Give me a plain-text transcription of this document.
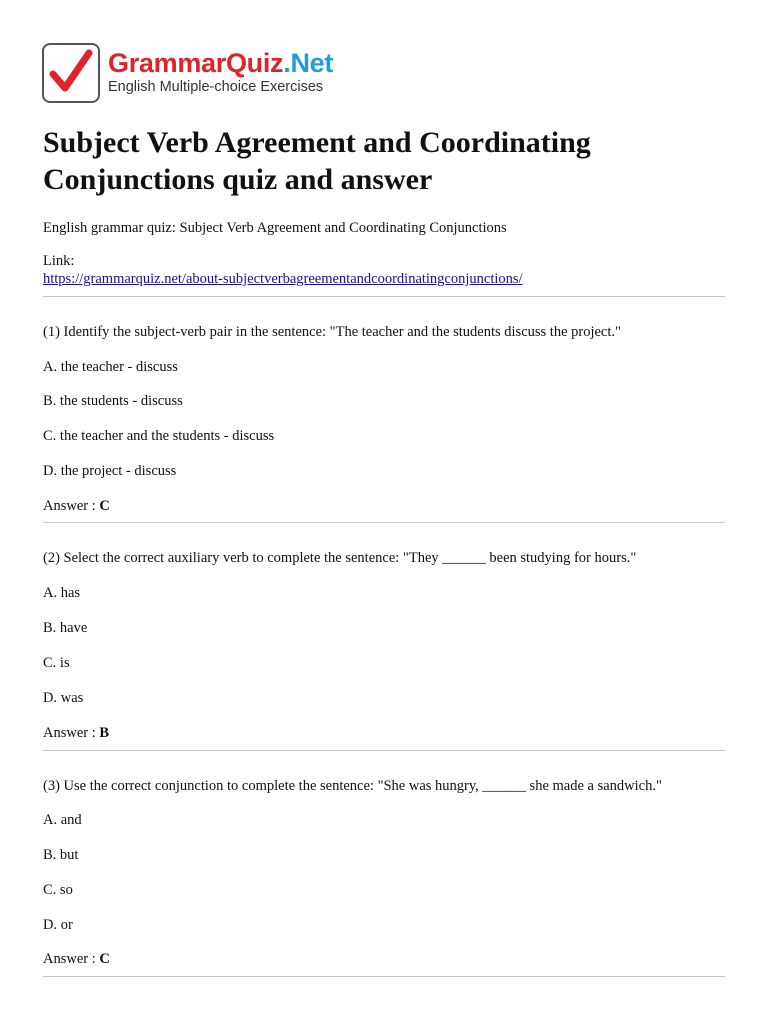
GrammarQuiz.Net
English Multiple-choice Exercises
Subject Verb Agreement and Coordinating Conjunctions quiz and answer
English grammar quiz: Subject Verb Agreement and Coordinating Conjunctions
Link:
https://grammarquiz.net/about-subjectverbagreementandcoordinatingconjunctions/
(1) Identify the subject-verb pair in the sentence: "The teacher and the students discuss the project."
A. the teacher - discuss
B. the students - discuss
C. the teacher and the students - discuss
D. the project - discuss
Answer : C
(2) Select the correct auxiliary verb to complete the sentence: "They ______ been studying for hours."
A. has
B. have
C. is
D. was
Answer : B
(3) Use the correct conjunction to complete the sentence: "She was hungry, ______ she made a sandwich."
A. and
B. but
C. so
D. or
Answer : C
